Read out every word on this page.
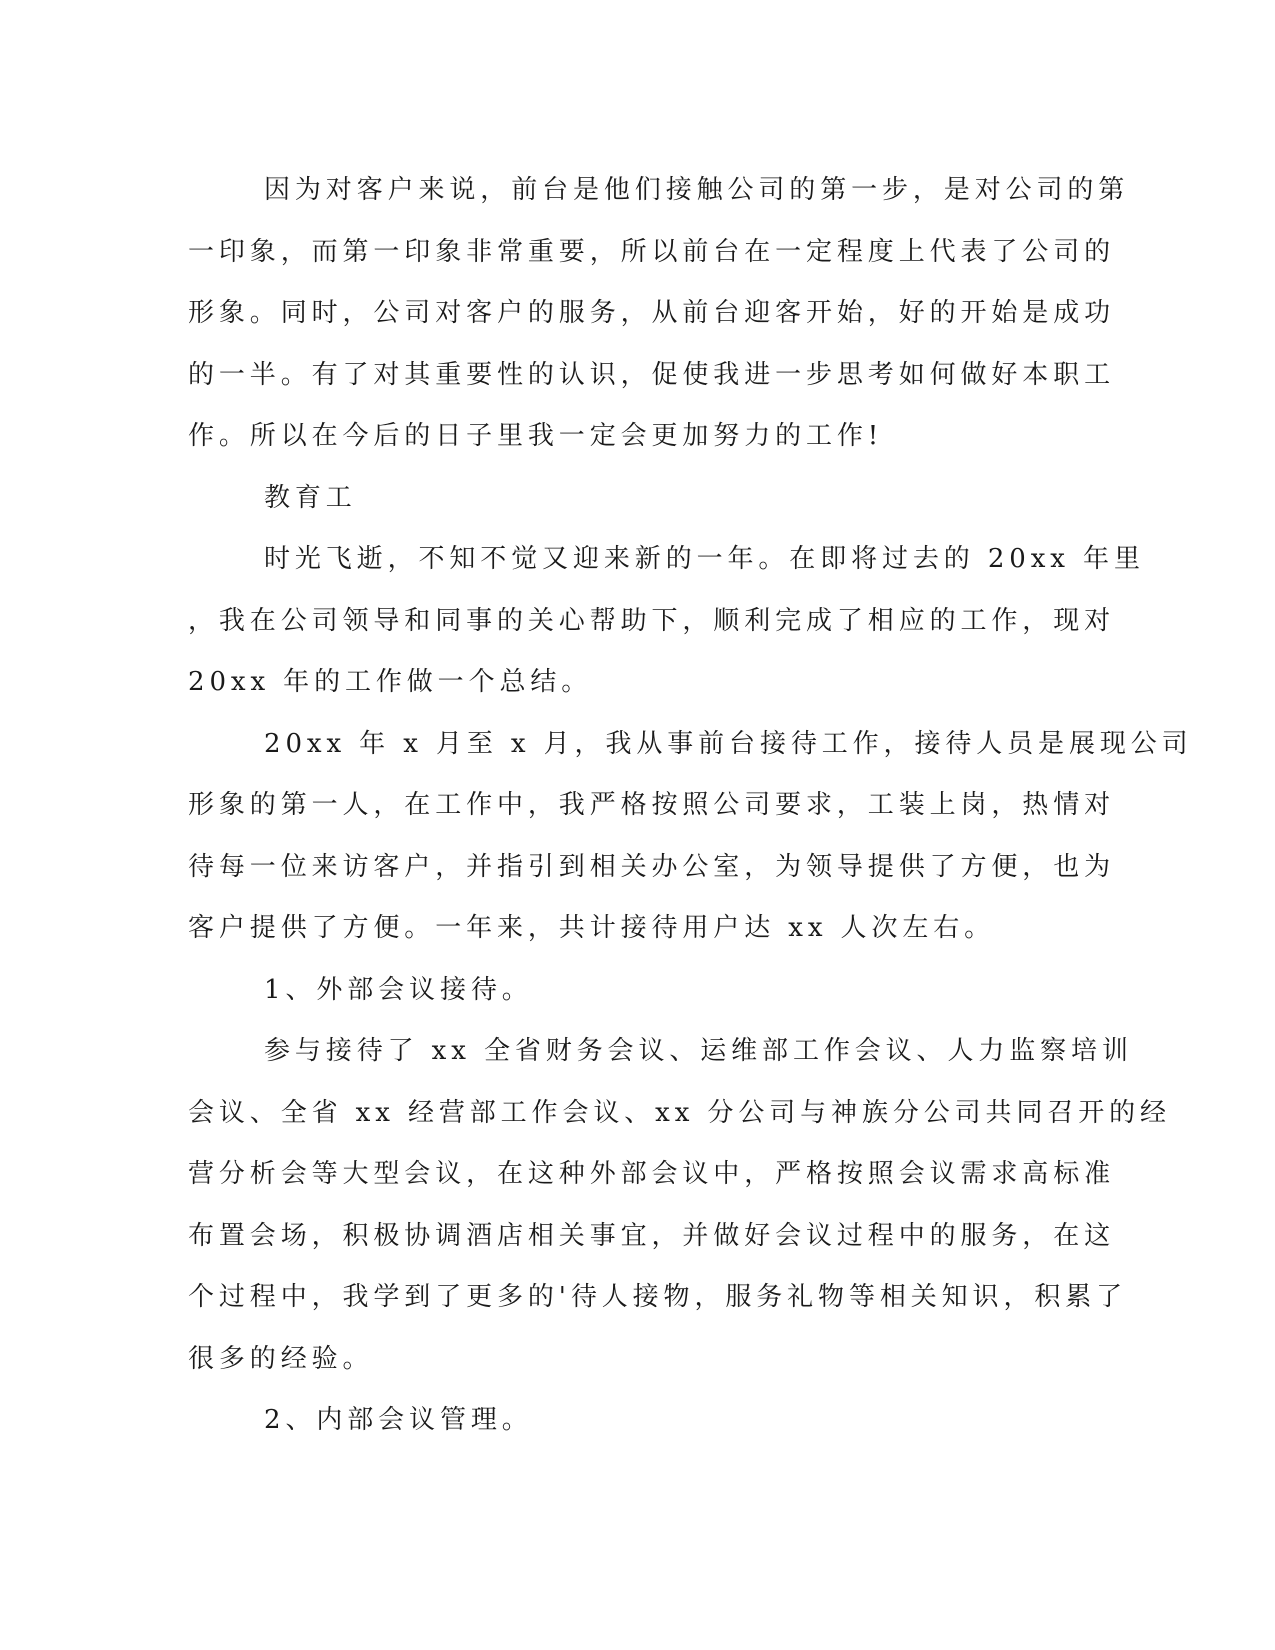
因为对客户来说，前台是他们接触公司的第一步，是对公司的第
一印象，而第一印象非常重要，所以前台在一定程度上代表了公司的
形象。同时，公司对客户的服务，从前台迎客开始，好的开始是成功
的一半。有了对其重要性的认识，促使我进一步思考如何做好本职工
作。所以在今后的日子里我一定会更加努力的工作!
教育工
时光飞逝，不知不觉又迎来新的一年。在即将过去的 20xx 年里
，我在公司领导和同事的关心帮助下，顺利完成了相应的工作，现对
20xx 年的工作做一个总结。
20xx 年 x 月至 x 月，我从事前台接待工作，接待人员是展现公司
形象的第一人，在工作中，我严格按照公司要求，工装上岗，热情对
待每一位来访客户，并指引到相关办公室，为领导提供了方便，也为
客户提供了方便。一年来，共计接待用户达 xx 人次左右。
1、外部会议接待。
参与接待了 xx 全省财务会议、运维部工作会议、人力监察培训
会议、全省 xx 经营部工作会议、xx 分公司与神族分公司共同召开的经
营分析会等大型会议，在这种外部会议中，严格按照会议需求高标准
布置会场，积极协调酒店相关事宜，并做好会议过程中的服务，在这
个过程中，我学到了更多的'待人接物，服务礼物等相关知识，积累了
很多的经验。
2、内部会议管理。
